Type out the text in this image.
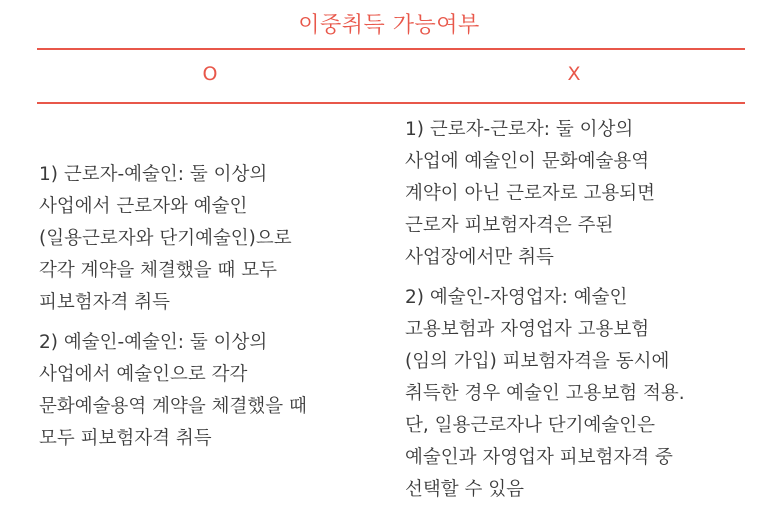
이중취득 가능여부
O	X
1) 근로자-예술인: 둘 이상의
사업에서 근로자와 예술인
(일용근로자와 단기예술인)으로
각각 계약을 체결했을 때 모두
피보험자격 취득
2) 예술인-예술인: 둘 이상의
사업에서 예술인으로 각각
문화예술용역 계약을 체결했을 때
모두 피보험자격 취득
1) 근로자-근로자: 둘 이상의
사업에 예술인이 문화예술용역
계약이 아닌 근로자로 고용되면
근로자 피보험자격은 주된
사업장에서만 취득
2) 예술인-자영업자: 예술인
고용보험과 자영업자 고용보험
(임의 가입) 피보험자격을 동시에
취득한 경우 예술인 고용보험 적용.
단, 일용근로자나 단기예술인은
예술인과 자영업자 피보험자격 중
선택할 수 있음
